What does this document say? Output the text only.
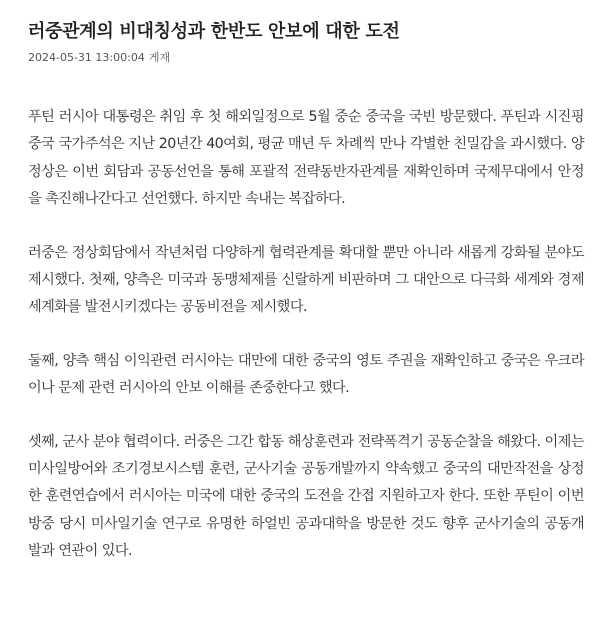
러중관계의 비대칭성과 한반도 안보에 대한 도전
2024-05-31 13:00:04 게재

푸틴 러시아 대통령은 취임 후 첫 해외일정으로 5월 중순 중국을 국빈 방문했다. 푸틴과 시진핑 중국 국가주석은 지난 20년간 40여회, 평균 매년 두 차례씩 만나 각별한 친밀감을 과시했다. 양 정상은 이번 회담과 공동선언을 통해 포괄적 전략동반자관계를 재확인하며 국제무대에서 안정을 촉진해나간다고 선언했다. 하지만 속내는 복잡하다.

러중은 정상회담에서 작년처럼 다양하게 협력관계를 확대할 뿐만 아니라 새롭게 강화될 분야도 제시했다. 첫째, 양측은 미국과 동맹체제를 신랄하게 비판하며 그 대안으로 다극화 세계와 경제 세계화를 발전시키겠다는 공동비전을 제시했다.

둘째, 양측 핵심 이익관련 러시아는 대만에 대한 중국의 영토 주권을 재확인하고 중국은 우크라이나 문제 관련 러시아의 안보 이해를 존중한다고 했다.

셋째, 군사 분야 협력이다. 러중은 그간 합동 해상훈련과 전략폭격기 공동순찰을 해왔다. 이제는 미사일방어와 조기경보시스템 훈련, 군사기술 공동개발까지 약속했고 중국의 대만작전을 상정한 훈련연습에서 러시아는 미국에 대한 중국의 도전을 간접 지원하고자 한다. 또한 푸틴이 이번 방중 당시 미사일기술 연구로 유명한 하얼빈 공과대학을 방문한 것도 향후 군사기술의 공동개발과 연관이 있다.
